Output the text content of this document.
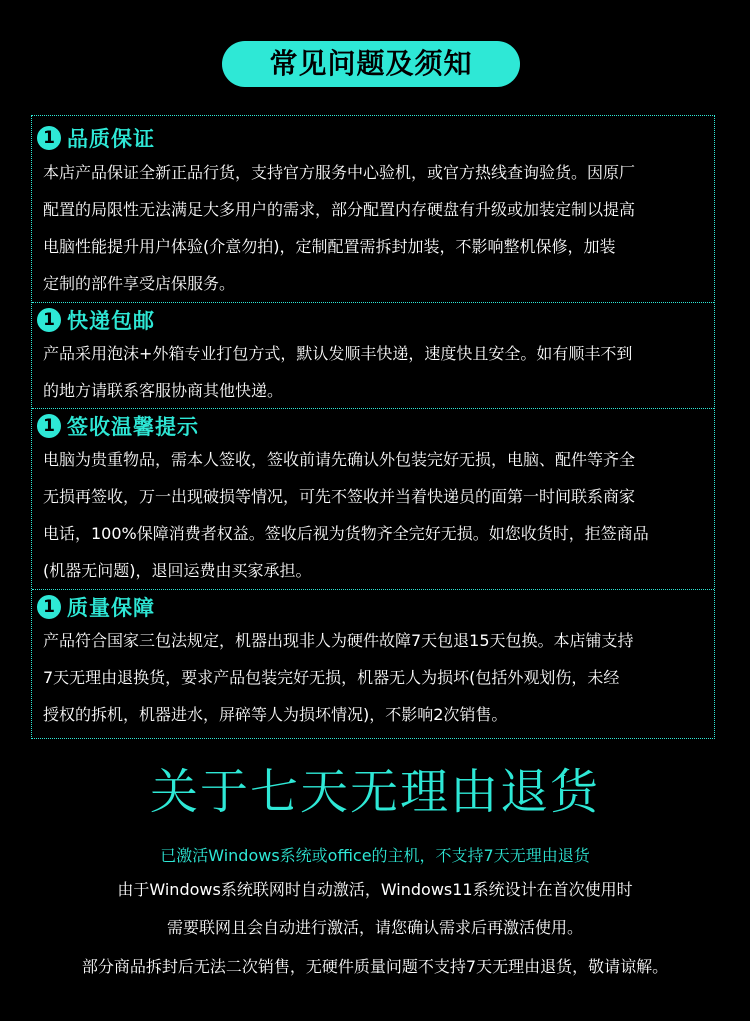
常见问题及须知
1 品质保证
本店产品保证全新正品行货，支持官方服务中心验机，或官方热线查询验货。因原厂
配置的局限性无法满足大多用户的需求，部分配置内存硬盘有升级或加装定制以提高
电脑性能提升用户体验(介意勿拍)，定制配置需拆封加装，不影响整机保修，加装
定制的部件享受店保服务。
1 快递包邮
产品采用泡沫+外箱专业打包方式，默认发顺丰快递，速度快且安全。如有顺丰不到
的地方请联系客服协商其他快递。
1 签收温馨提示
电脑为贵重物品，需本人签收，签收前请先确认外包装完好无损，电脑、配件等齐全
无损再签收，万一出现破损等情况，可先不签收并当着快递员的面第一时间联系商家
电话，100%保障消费者权益。签收后视为货物齐全完好无损。如您收货时，拒签商品
(机器无问题)，退回运费由买家承担。
1 质量保障
产品符合国家三包法规定，机器出现非人为硬件故障7天包退15天包换。本店铺支持
7天无理由退换货，要求产品包装完好无损，机器无人为损坏(包括外观划伤，未经
授权的拆机，机器进水，屏碎等人为损坏情况)，不影响2次销售。
关于七天无理由退货
已激活Windows系统或office的主机，不支持7天无理由退货
由于Windows系统联网时自动激活，Windows11系统设计在首次使用时
需要联网且会自动进行激活，请您确认需求后再激活使用。
部分商品拆封后无法二次销售，无硬件质量问题不支持7天无理由退货，敬请谅解。
